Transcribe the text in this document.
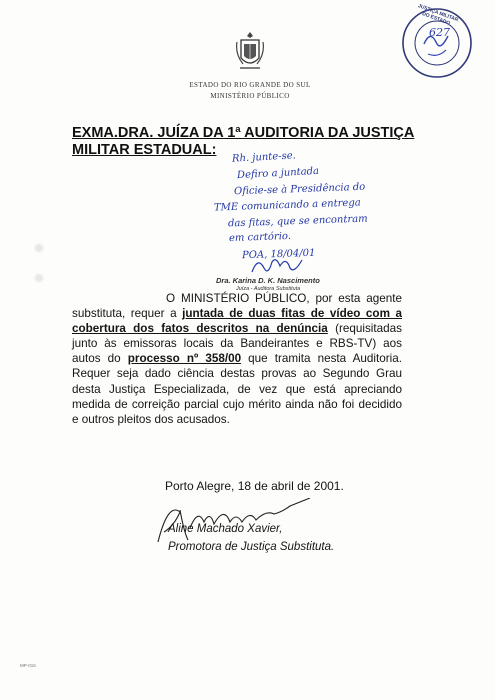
ESTADO DO RIO GRANDE DO SUL
MINISTÉRIO PÚBLICO
JUSTIÇA MILITAR DO ESTADO
627
EXMA.DRA. JUÍZA DA 1ª AUDITORIA DA JUSTIÇA
MILITAR ESTADUAL:	Rh. junte-se.
Defiro a juntada
Oficie-se à Presidência do
TME comunicando a entrega
das fitas, que se encontram
em cartório.
POA, 18/04/01
Dra. Karina D. K. Nascimento
Juíza - Auditora Substituta
O MINISTÉRIO PÚBLICO, por esta agente substituta, requer a juntada de duas fitas de vídeo com a cobertura dos fatos descritos na denúncia (requisitadas junto às emissoras locais da Bandeirantes e RBS-TV) aos autos do processo nº 358/00 que tramita nesta Auditoria. Requer seja dado ciência destas provas ao Segundo Grau desta Justiça Especializada, de vez que está apreciando medida de correição parcial cujo mérito ainda não foi decidido e outros pleitos dos acusados.
Porto Alegre, 18 de abril de 2001.
Aline Machado Xavier,
Promotora de Justiça Substituta.
MP-016
